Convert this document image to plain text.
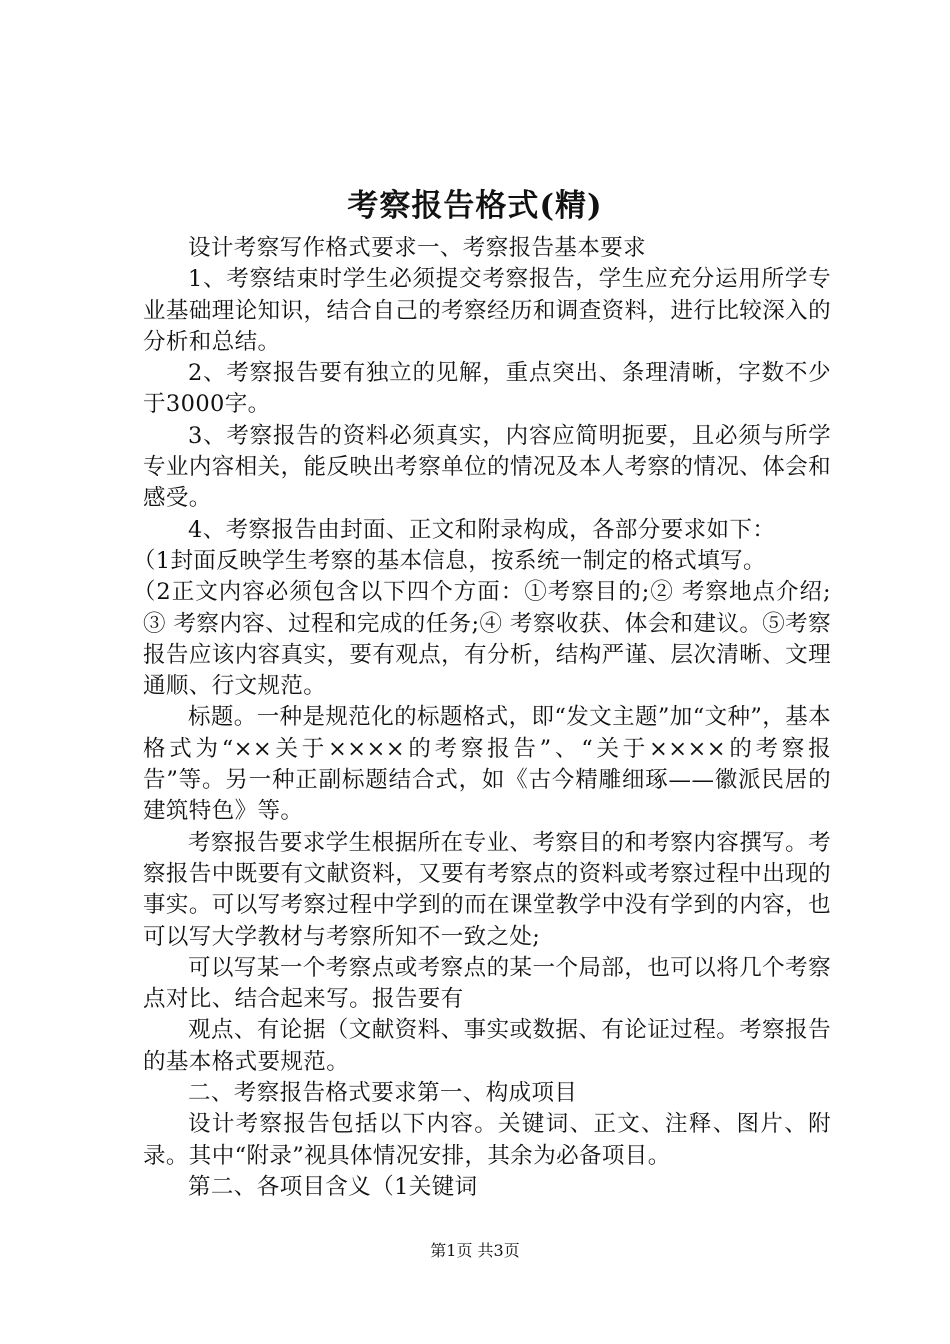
考察报告格式(精)

设计考察写作格式要求一、考察报告基本要求

1、考察结束时学生必须提交考察报告，学生应充分运用所学专业基础理论知识，结合自己的考察经历和调查资料，进行比较深入的分析和总结。

2、考察报告要有独立的见解，重点突出、条理清晰，字数不少于3000字。

3、考察报告的资料必须真实，内容应简明扼要，且必须与所学专业内容相关，能反映出考察单位的情况及本人考察的情况、体会和感受。

4、考察报告由封面、正文和附录构成，各部分要求如下：

（1封面反映学生考察的基本信息，按系统一制定的格式填写。

（2正文内容必须包含以下四个方面：①考察目的;② 考察地点介绍;③ 考察内容、过程和完成的任务;④ 考察收获、体会和建议。⑤考察报告应该内容真实，要有观点，有分析，结构严谨、层次清晰、文理通顺、行文规范。

标题。一种是规范化的标题格式，即“发文主题”加“文种”，基本格式为“××关于××××的考察报告”、“关于××××的考察报告”等。另一种正副标题结合式，如《古今精雕细琢——徽派民居的建筑特色》等。

考察报告要求学生根据所在专业、考察目的和考察内容撰写。考察报告中既要有文献资料，又要有考察点的资料或考察过程中出现的事实。可以写考察过程中学到的而在课堂教学中没有学到的内容，也可以写大学教材与考察所知不一致之处;

可以写某一个考察点或考察点的某一个局部，也可以将几个考察点对比、结合起来写。报告要有

观点、有论据（文献资料、事实或数据、有论证过程。考察报告的基本格式要规范。

二、考察报告格式要求第一、构成项目

设计考察报告包括以下内容。关键词、正文、注释、图片、附录。其中“附录”视具体情况安排，其余为必备项目。

第二、各项目含义（1关键词

第1页 共3页
